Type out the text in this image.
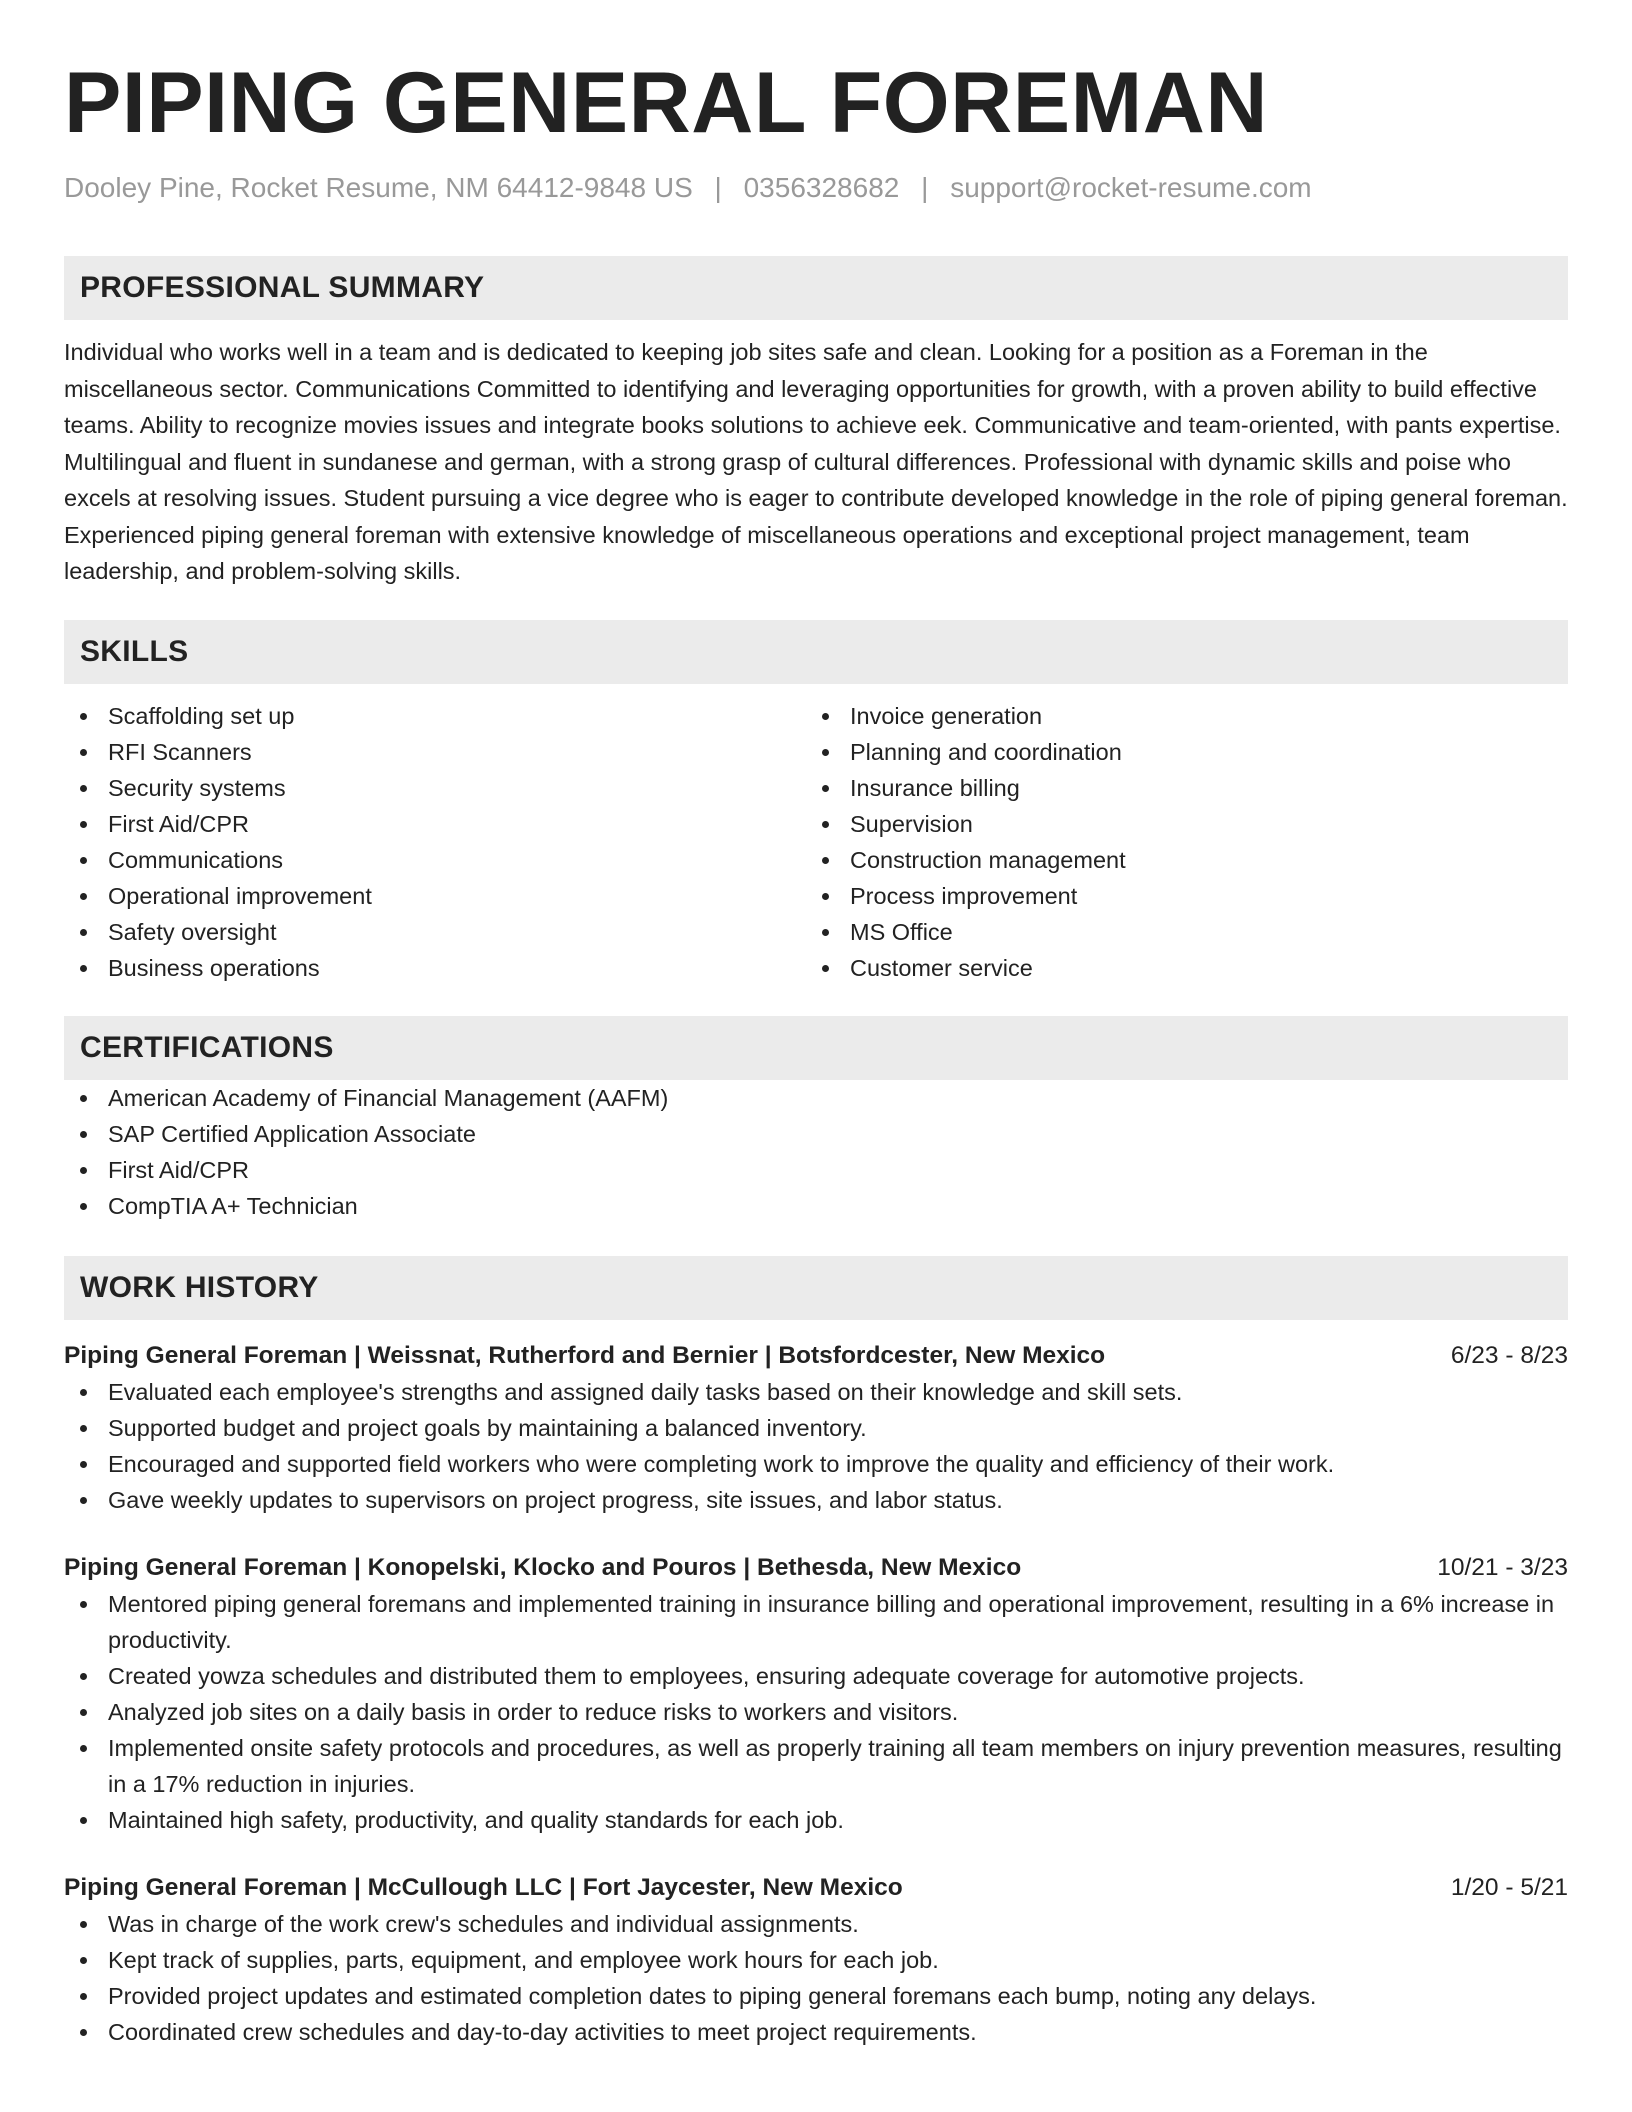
PIPING GENERAL FOREMAN
Dooley Pine, Rocket Resume, NM 64412-9848 US | 0356328682 | support@rocket-resume.com
PROFESSIONAL SUMMARY

Individual who works well in a team and is dedicated to keeping job sites safe and clean. Looking for a position as a Foreman in the miscellaneous sector. Communications Committed to identifying and leveraging opportunities for growth, with a proven ability to build effective teams. Ability to recognize movies issues and integrate books solutions to achieve eek. Communicative and team-oriented, with pants expertise. Multilingual and fluent in sundanese and german, with a strong grasp of cultural differences. Professional with dynamic skills and poise who excels at resolving issues. Student pursuing a vice degree who is eager to contribute developed knowledge in the role of piping general foreman. Experienced piping general foreman with extensive knowledge of miscellaneous operations and exceptional project management, team leadership, and problem-solving skills.

SKILLS
Scaffolding set up
RFI Scanners
Security systems
First Aid/CPR
Communications
Operational improvement
Safety oversight
Business operations
Invoice generation
Planning and coordination
Insurance billing
Supervision
Construction management
Process improvement
MS Office
Customer service
CERTIFICATIONS
American Academy of Financial Management (AAFM)
SAP Certified Application Associate
First Aid/CPR
CompTIA A+ Technician
WORK HISTORY
Piping General Foreman | Weissnat, Rutherford and Bernier | Botsfordcester, New Mexico	6/23 - 8/23
Evaluated each employee's strengths and assigned daily tasks based on their knowledge and skill sets.
Supported budget and project goals by maintaining a balanced inventory.
Encouraged and supported field workers who were completing work to improve the quality and efficiency of their work.
Gave weekly updates to supervisors on project progress, site issues, and labor status.
Piping General Foreman | Konopelski, Klocko and Pouros | Bethesda, New Mexico	10/21 - 3/23
Mentored piping general foremans and implemented training in insurance billing and operational improvement, resulting in a 6% increase in productivity.
Created yowza schedules and distributed them to employees, ensuring adequate coverage for automotive projects.
Analyzed job sites on a daily basis in order to reduce risks to workers and visitors.
Implemented onsite safety protocols and procedures, as well as properly training all team members on injury prevention measures, resulting in a 17% reduction in injuries.
Maintained high safety, productivity, and quality standards for each job.
Piping General Foreman | McCullough LLC | Fort Jaycester, New Mexico	1/20 - 5/21
Was in charge of the work crew's schedules and individual assignments.
Kept track of supplies, parts, equipment, and employee work hours for each job.
Provided project updates and estimated completion dates to piping general foremans each bump, noting any delays.
Coordinated crew schedules and day-to-day activities to meet project requirements.
